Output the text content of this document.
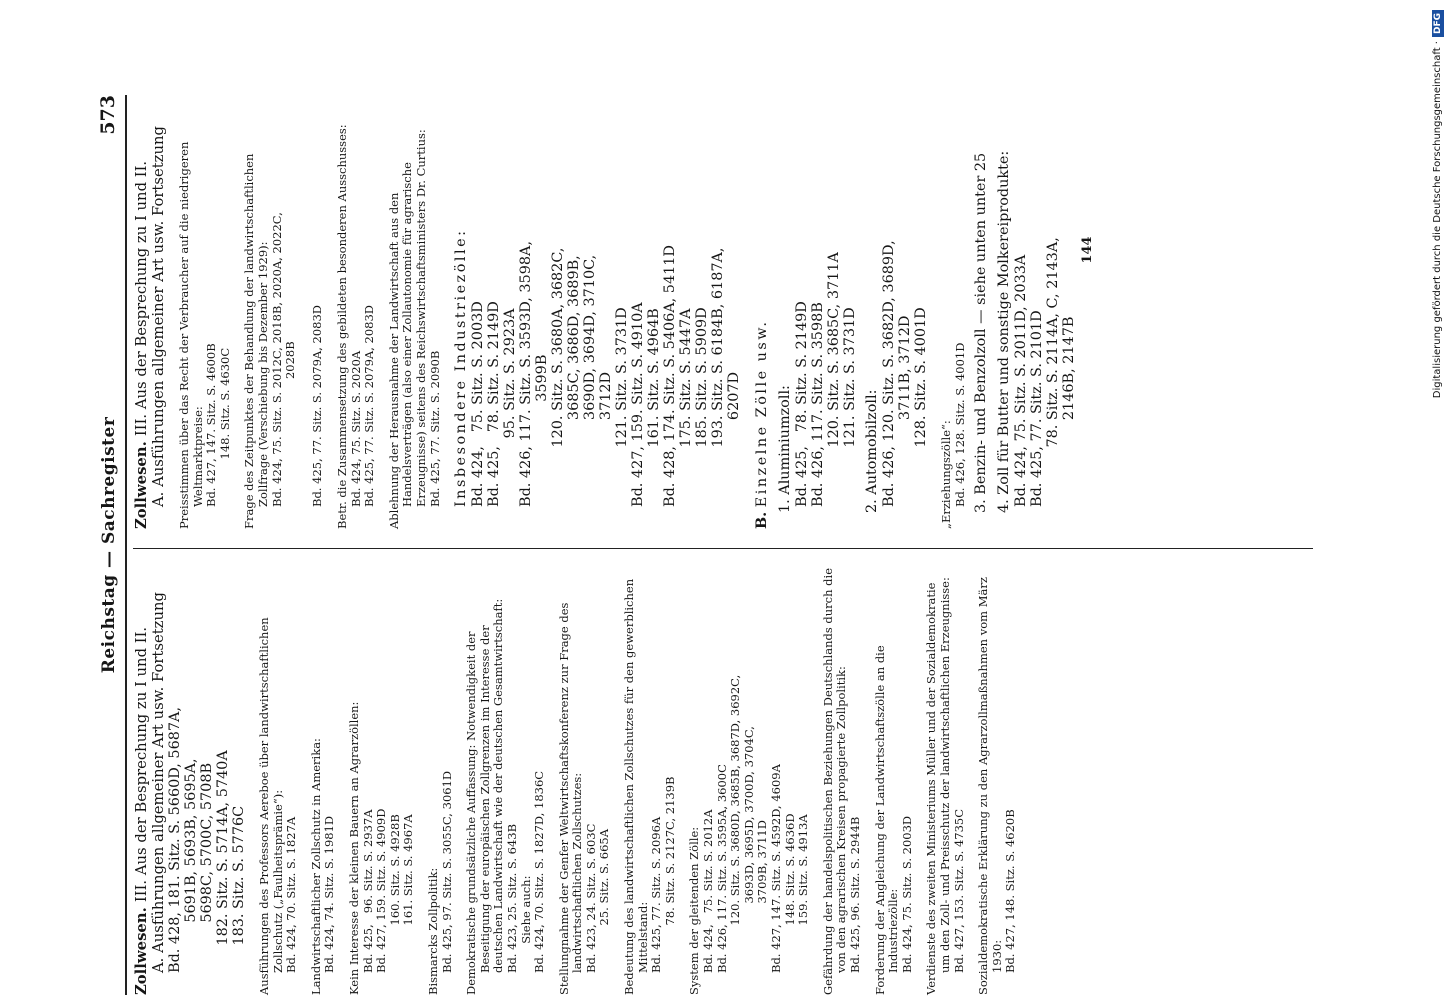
Reichstag — Sachregister
573
Zollwesen. III. Aus der Besprechung zu I und II. A. Ausführungen allgemeiner Art usw. Fortsetzung Bd. 428, 181. Sitz. S. 5660D, 5687A, 5691B, 5693B, 5695A, 5698C, 5700C, 5708B 182. Sitz. S. 5714A, 5740A 183. Sitz. S. 5776C Ausführungen des Professors Aereboe über landwirtschaftlichen Zollschutz („Faulheitsprämie“): Bd. 424, 70. Sitz. S. 1827A Landwirtschaftlicher Zollschutz in Amerika: Bd. 424, 74. Sitz. S. 1981D Kein Interesse der kleinen Bauern an Agrarzöllen: Bd. 425,   96. Sitz. S. 2937A Bd. 427, 159. Sitz. S. 4909D 160. Sitz. S. 4928B 161. Sitz. S. 4967A Bismarcks Zollpolitik: Bd. 425, 97. Sitz. S. 3055C, 3061D Demokratische grundsätzliche Auffassung: Notwendigkeit der Beseitigung der europäischen Zollgrenzen im Interesse der deutschen Landwirtschaft wie der deutschen Gesamtwirtschaft: Bd. 423, 25. Sitz. S. 643B Siehe auch: Bd. 424, 70. Sitz. S. 1827D, 1836C Stellungnahme der Genfer Weltwirtschaftskonferenz zur Frage des landwirtschaftlichen Zollschutzes: Bd. 423, 24. Sitz. S. 603C 25. Sitz. S. 665A Bedeutung des landwirtschaftlichen Zollschutzes für den gewerblichen Mittelstand: Bd. 425, 77. Sitz. S. 2096A 78. Sitz. S. 2127C, 2139B System der gleitenden Zölle: Bd. 424,   75. Sitz. S. 2012A Bd. 426, 117. Sitz. S. 3595A, 3600C 120. Sitz. S. 3680D, 3685B, 3687D, 3692C, 3693D, 3695D, 3700D, 3704C, 3709B, 3711D Bd. 427, 147. Sitz. S. 4592D, 4609A 148. Sitz. S. 4636D 159. Sitz. S. 4913A Gefährdung der handelspolitischen Beziehungen Deutschlands durch die von den agrarischen Kreisen propagierte Zollpolitik: Bd. 425, 96. Sitz. S. 2944B Forderung der Angleichung der Landwirtschaftszölle an die Industriezölle: Bd. 424, 75. Sitz. S. 2003D Verdienste des zweiten Ministeriums Müller und der Sozialdemokratie um den Zoll- und Preisschutz der landwirtschaftlichen Erzeugnisse: Bd. 427, 153. Sitz. S. 4735C Sozialdemokratische Erklärung zu den Agrarzollmaßnahmen vom März 1930: Bd. 427, 148. Sitz. S. 4620B
Zollwesen. III. Aus der Besprechung zu I und II. A. Ausführungen allgemeiner Art usw. Fortsetzung Preisstimmen über das Recht der Verbraucher auf die niedrigeren Weltmarktpreise: Bd. 427, 147. Sitz. S. 4600B 148. Sitz. S. 4630C Frage des Zeitpunktes der Behandlung der landwirtschaftlichen Zollfrage (Verschiebung bis Dezember 1929): Bd. 424, 75. Sitz. S. 2012C, 2018B, 2020A, 2022C, 2028B
Bd. 425, 77. Sitz. S. 2079A, 2083D Betr. die Zusammensetzung des gebildeten besonderen Ausschusses: Bd. 424, 75. Sitz. S. 2020A Bd. 425, 77. Sitz. S. 2079A, 2083D Ablehnung der Herausnahme der Landwirtschaft aus den Handelsverträgen (also einer Zollautonomie für agrarische Erzeugnisse) seitens des Reichswirtschaftsministers Dr. Curtius: Bd. 425, 77. Sitz. S. 2090B Insbesondere Industriezölle: Bd. 424,   75. Sitz. S. 2003D Bd. 425,   78. Sitz. S. 2149D 95. Sitz. S. 2923A Bd. 426, 117. Sitz. S. 3593D, 3598A, 3599B 120. Sitz. S. 3680A, 3682C, 3685C, 3686D, 3689B, 3690D, 3694D, 3710C, 3712D 121. Sitz. S. 3731D Bd. 427, 159. Sitz. S. 4910A 161. Sitz. S. 4964B Bd. 428, 174. Sitz. S. 5406A, 5411D 175. Sitz. S. 5447A 185. Sitz. S. 5909D 193. Sitz. S. 6184B, 6187A, 6207D
B. Einzelne Zölle usw. 1. Aluminiumzoll: Bd. 425,   78. Sitz. S. 2149D Bd. 426, 117. Sitz. S. 3598B 120. Sitz. S. 3685C, 3711A 121. Sitz. S. 3731D 2. Automobilzoll: Bd. 426, 120. Sitz. S. 3682D, 3689D, 3711B, 3712D 128. Sitz. S. 4001D „Erziehungszölle“: Bd. 426, 128. Sitz. S. 4001D 3. Benzin- und Benzolzoll — siehe unten unter 25 4. Zoll für Butter und sonstige Molkereiprodukte: Bd. 424, 75. Sitz. S. 2011D, 2033A Bd. 425, 77. Sitz. S. 2101D 78. Sitz. S. 2114A, C, 2143A, 2146B, 2147B
144	Digitalisierung gefördert durch die Deutsche Forschungsgemeinschaft ·DFG
